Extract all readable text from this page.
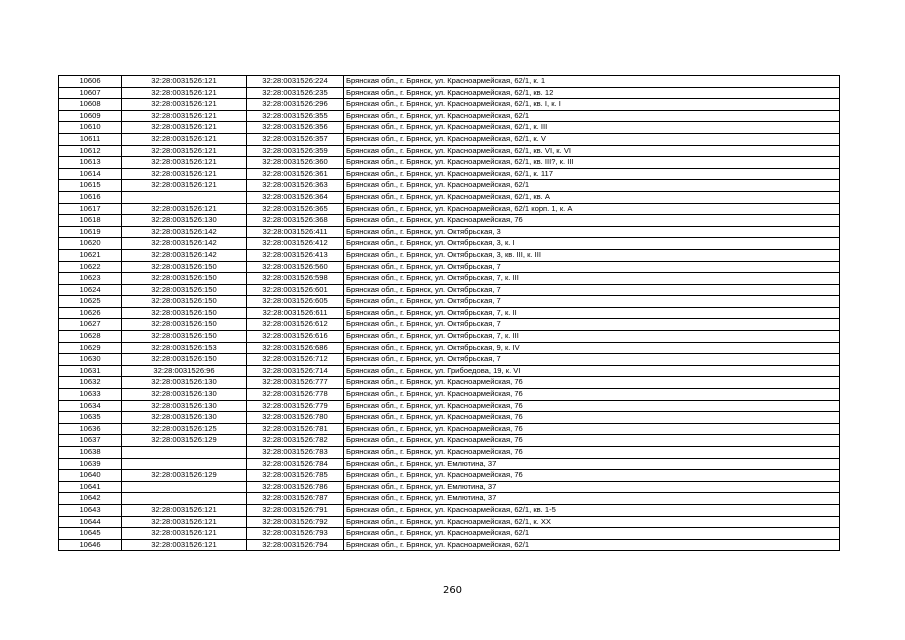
10606	32:28:0031526:121	32:28:0031526:224	Брянская обл., г. Брянск, ул. Красноармейская, 62/1, к. 1
10607	32:28:0031526:121	32:28:0031526:235	Брянская обл., г. Брянск, ул. Красноармейская, 62/1, кв. 12
10608	32:28:0031526:121	32:28:0031526:296	Брянская обл., г. Брянск, ул. Красноармейская, 62/1, кв. I, к. I
10609	32:28:0031526:121	32:28:0031526:355	Брянская обл., г. Брянск, ул. Красноармейская, 62/1
10610	32:28:0031526:121	32:28:0031526:356	Брянская обл., г. Брянск, ул. Красноармейская, 62/1, к. III
10611	32:28:0031526:121	32:28:0031526:357	Брянская обл., г. Брянск, ул. Красноармейская, 62/1, к. V
10612	32:28:0031526:121	32:28:0031526:359	Брянская обл., г. Брянск, ул. Красноармейская, 62/1, кв. VI, к. VI
10613	32:28:0031526:121	32:28:0031526:360	Брянская обл., г. Брянск, ул. Красноармейская, 62/1, кв. III?, к. III
10614	32:28:0031526:121	32:28:0031526:361	Брянская обл., г. Брянск, ул. Красноармейская, 62/1, к. 117
10615	32:28:0031526:121	32:28:0031526:363	Брянская обл., г. Брянск, ул. Красноармейская, 62/1
10616		32:28:0031526:364	Брянская обл., г. Брянск, ул. Красноармейская, 62/1, кв. А
10617	32:28:0031526:121	32:28:0031526:365	Брянская обл., г. Брянск, ул. Красноармейская, 62/1 корп. 1, к. А
10618	32:28:0031526:130	32:28:0031526:368	Брянская обл., г. Брянск, ул. Красноармейская, 76
10619	32:28:0031526:142	32:28:0031526:411	Брянская обл., г. Брянск, ул. Октябрьская, 3
10620	32:28:0031526:142	32:28:0031526:412	Брянская обл., г. Брянск, ул. Октябрьская, 3, к. I
10621	32:28:0031526:142	32:28:0031526:413	Брянская обл., г. Брянск, ул. Октябрьская, 3, кв. III, к. III
10622	32:28:0031526:150	32:28:0031526:560	Брянская обл., г. Брянск, ул. Октябрьская, 7
10623	32:28:0031526:150	32:28:0031526:598	Брянская обл., г. Брянск, ул. Октябрьская, 7, к. III
10624	32:28:0031526:150	32:28:0031526:601	Брянская обл., г. Брянск, ул. Октябрьская, 7
10625	32:28:0031526:150	32:28:0031526:605	Брянская обл., г. Брянск, ул. Октябрьская, 7
10626	32:28:0031526:150	32:28:0031526:611	Брянская обл., г. Брянск, ул. Октябрьская, 7, к. II
10627	32:28:0031526:150	32:28:0031526:612	Брянская обл., г. Брянск, ул. Октябрьская, 7
10628	32:28:0031526:150	32:28:0031526:616	Брянская обл., г. Брянск, ул. Октябрьская, 7, к. III
10629	32:28:0031526:153	32:28:0031526:686	Брянская обл., г. Брянск, ул. Октябрьская, 9, к. IV
10630	32:28:0031526:150	32:28:0031526:712	Брянская обл., г. Брянск, ул. Октябрьская, 7
10631	32:28:0031526:96	32:28:0031526:714	Брянская обл., г. Брянск, ул. Грибоедова, 19, к. VI
10632	32:28:0031526:130	32:28:0031526:777	Брянская обл., г. Брянск, ул. Красноармейская, 76
10633	32:28:0031526:130	32:28:0031526:778	Брянская обл., г. Брянск, ул. Красноармейская, 76
10634	32:28:0031526:130	32:28:0031526:779	Брянская обл., г. Брянск, ул. Красноармейская, 76
10635	32:28:0031526:130	32:28:0031526:780	Брянская обл., г. Брянск, ул. Красноармейская, 76
10636	32:28:0031526:125	32:28:0031526:781	Брянская обл., г. Брянск, ул. Красноармейская, 76
10637	32:28:0031526:129	32:28:0031526:782	Брянская обл., г. Брянск, ул. Красноармейская, 76
10638		32:28:0031526:783	Брянская обл., г. Брянск, ул. Красноармейская, 76
10639		32:28:0031526:784	Брянская обл., г. Брянск, ул. Емлютина, 37
10640	32:28:0031526:129	32:28:0031526:785	Брянская обл., г. Брянск, ул. Красноармейская, 76
10641		32:28:0031526:786	Брянская обл., г. Брянск, ул. Емлютина, 37
10642		32:28:0031526:787	Брянская обл., г. Брянск, ул. Емлютина, 37
10643	32:28:0031526:121	32:28:0031526:791	Брянская обл., г. Брянск, ул. Красноармейская, 62/1, кв. 1-5
10644	32:28:0031526:121	32:28:0031526:792	Брянская обл., г. Брянск, ул. Красноармейская, 62/1, к. XX
10645	32:28:0031526:121	32:28:0031526:793	Брянская обл., г. Брянск, ул. Красноармейская, 62/1
10646	32:28:0031526:121	32:28:0031526:794	Брянская обл., г. Брянск, ул. Красноармейская, 62/1
260
